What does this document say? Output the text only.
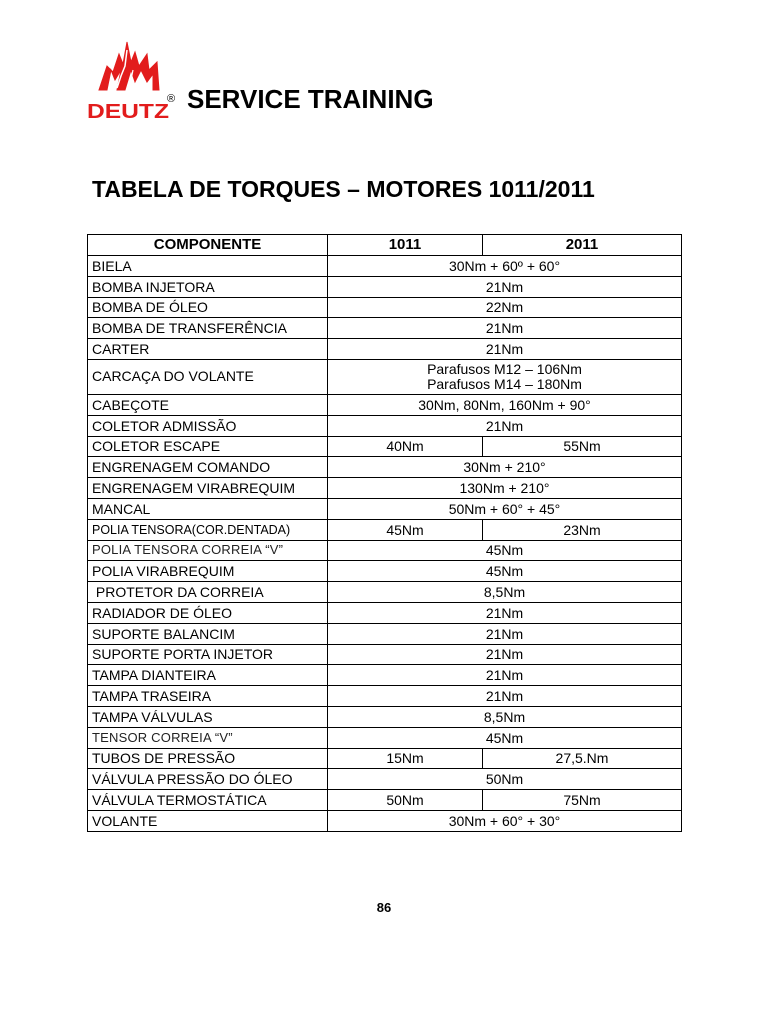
DEUTZ
® SERVICE TRAINING
TABELA DE TORQUES – MOTORES 1011/2011
COMPONENTE	1011	2011
BIELA	30Nm + 60º + 60°	
BOMBA INJETORA	21Nm	
BOMBA DE ÓLEO	22Nm	
BOMBA DE TRANSFERÊNCIA	21Nm	
CARTER	21Nm	
CARCAÇA DO VOLANTE	Parafusos M12 – 106Nm
Parafusos M14 – 180Nm	

CABEÇOTE	30Nm, 80Nm, 160Nm + 90°	
COLETOR ADMISSÃO	21Nm	
COLETOR ESCAPE	40Nm	55Nm
ENGRENAGEM COMANDO	30Nm + 210°	
ENGRENAGEM VIRABREQUIM	130Nm + 210°	
MANCAL	50Nm + 60° + 45°	
POLIA TENSORA(COR.DENTADA)	45Nm	23Nm
POLIA TENSORA CORREIA “V”	45Nm	
POLIA VIRABREQUIM	45Nm	
PROTETOR DA CORREIA	8,5Nm	
RADIADOR DE ÓLEO	21Nm	
SUPORTE BALANCIM	21Nm	
SUPORTE PORTA INJETOR	21Nm	
TAMPA DIANTEIRA	21Nm	
TAMPA TRASEIRA	21Nm	
TAMPA VÁLVULAS	8,5Nm	
TENSOR CORREIA “V”	45Nm	
TUBOS DE PRESSÃO	15Nm	27,5.Nm
VÁLVULA PRESSÃO DO ÓLEO	50Nm	
VÁLVULA TERMOSTÁTICA	50Nm	75Nm
VOLANTE	30Nm + 60° + 30°	
86
